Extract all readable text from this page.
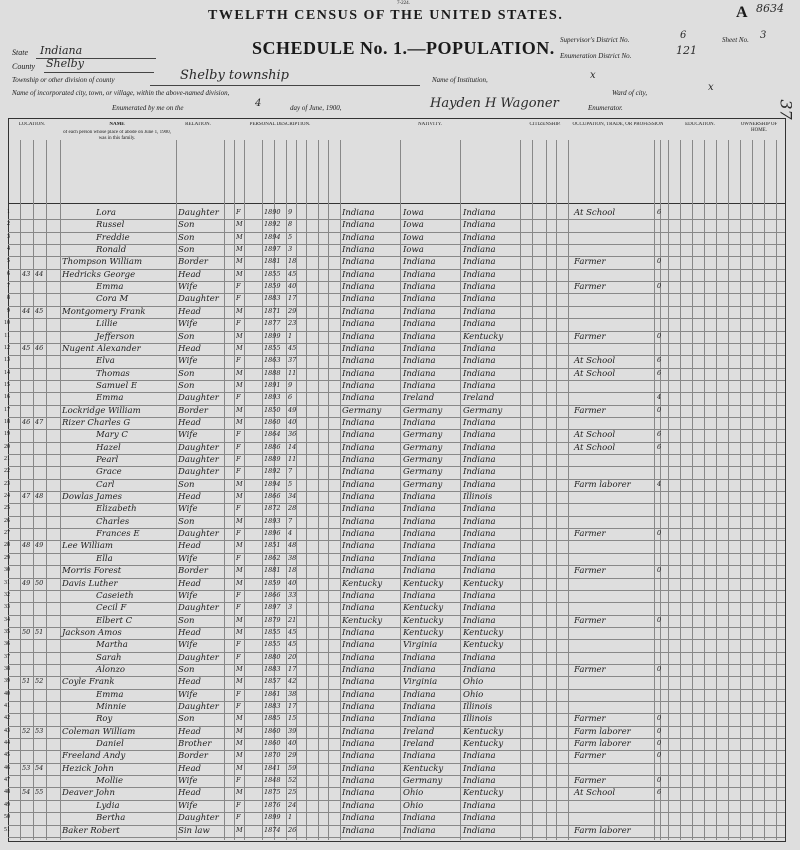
7-224.
TWELFTH CENSUS OF THE UNITED STATES.
SCHEDULE No. 1.—POPULATION.
A 8634
37
State Indiana
County Shelby
Township or other division of county	Shelby township	Name of Institution,	x
Name of incorporated city, town, or village, within the above-named division,	Ward of city,	x
Supervisor's District No.	6	Sheet No. 3
Enumeration District No.	121
Enumerated by me on the	4	day of June, 1900,	Hayden H Wagoner	Enumerator.
LOCATION.	NAME
of each person whose place of abode on June 1, 1900, was in this family.
RELATION.	PERSONAL DESCRIPTION.	NATIVITY.	CITIZENSHIP.	OCCUPATION, TRADE, OR PROFESSION	EDUCATION.	OWNERSHIP OF HOME.
1	Lora	Daughter	F	1890 9	Indiana	Iowa	Indiana	At School	6
2	Russel	Son	M	1892 8	Indiana	Iowa	Indiana
3	Freddie	Son	M	1894 5	Indiana	Iowa	Indiana
4	Ronald	Son	M	1897 3	Indiana	Iowa	Indiana
5	Thompson William	Border	M	1881 18	Indiana	Indiana	Indiana	Farmer	0
6 43 44 Hedricks George	Head	M	1855 45	Indiana	Indiana	Indiana
7	Emma	Wife	F	1859 40	Indiana	Indiana	Indiana	Farmer	0
8	Cora M	Daughter	F	1883 17	Indiana	Indiana	Indiana
9 44 45 Montgomery Frank	Head	M	1871 29	Indiana	Indiana	Indiana
10	Lillie	Wife	F	1877 23	Indiana	Indiana	Indiana
11	Jefferson	Son	M	1899 1	Indiana	Indiana	Kentucky	Farmer	0
12 45 46 Nugent Alexander	Head	M	1855 45	Indiana	Indiana	Indiana
13	Elva	Wife	F	1863 37	Indiana	Indiana	Indiana	At School	6
14	Thomas	Son	M	1888 11	Indiana	Indiana	Indiana	At School	6
15	Samuel E	Son	M	1891 9	Indiana	Indiana	Indiana
16	Emma	Daughter	F	1893 6	Indiana	Ireland	Ireland	4
17	Lockridge William	Border	M	1850 49	Germany	Germany Germany	Farmer	0
18 46 47 Rizer Charles G	Head	M	1860 40	Indiana	Indiana	Indiana
19	Mary C	Wife	F	1864 36	Indiana	Germany Indiana	At School	6
20	Hazel	Daughter	F	1886 14	Indiana	Germany Indiana	At School	6
21	Pearl	Daughter	F	1889 11	Indiana	Germany Indiana
22	Grace	Daughter	F	1892 7	Indiana	Germany Indiana
23	Carl	Son	M	1894 5	Indiana	Germany Indiana	Farm laborer	4
24 47 48 Dowlas James	Head	M	1866 34	Indiana	Indiana	Illinois
25	Elizabeth	Wife	F	1872 28	Indiana	Indiana	Indiana
26	Charles	Son	M	1893 7	Indiana	Indiana	Indiana
27	Frances E	Daughter	F	1896 4	Indiana	Indiana	Indiana	Farmer	0
28 48 49 Lee William	Head	M	1851 48	Indiana	Indiana	Indiana
29	Ella	Wife	F	1862 38	Indiana	Indiana	Indiana
30	Morris Forest	Border	M	1881 18	Indiana	Indiana	Indiana	Farmer	0
31 49 50 Davis Luther	Head	M	1859 40	Kentucky Kentucky Kentucky
32	Caseieth	Wife	F	1866 33	Indiana	Indiana	Indiana
33	Cecil F	Daughter	F	1897 3	Indiana	Kentucky Indiana
34	Elbert C	Son	M	1879 21	Kentucky Kentucky Indiana	Farmer	0
35 50 51 Jackson Amos	Head	M	1855 45	Indiana	Kentucky Kentucky
36	Martha	Wife	F	1855 45	Indiana	Virginia	Kentucky
37	Sarah	Daughter	F	1880 20	Indiana	Indiana	Indiana
38	Alonzo	Son	M	1883 17	Indiana	Indiana	Indiana	Farmer	0
39 51 52 Coyle Frank	Head	M	1857 42	Indiana	Virginia	Ohio
40	Emma	Wife	F	1861 38	Indiana	Indiana	Ohio
41	Minnie	Daughter	F	1883 17	Indiana	Indiana	Illinois
42	Roy	Son	M	1885 15	Indiana	Indiana	Illinois	Farmer	0
43 52 53 Coleman William	Head	M	1860 39	Indiana	Ireland	Kentucky	Farm laborer	0
44	Daniel	Brother	M	1860 40	Indiana	Ireland	Kentucky	Farm laborer	0
45	Freeland Andy	Border	M	1870 29	Indiana	Indiana	Indiana	Farmer	0
46 53 54 Hezick John	Head	M	1841 59	Indiana	Kentucky Indiana
47	Mollie	Wife	F	1848 52	Indiana	Germany Indiana	Farmer	0
48 54 55 Deaver John	Head	M	1875 25	Indiana	Ohio	Kentucky	At School	6
49	Lydia	Wife	F	1876 24	Indiana	Ohio	Indiana
50	Bertha	Daughter	F	1899 1	Indiana	Indiana	Indiana
51	Baker Robert	Sin law	M	1874 26	Indiana	Indiana	Indiana	Farm laborer
